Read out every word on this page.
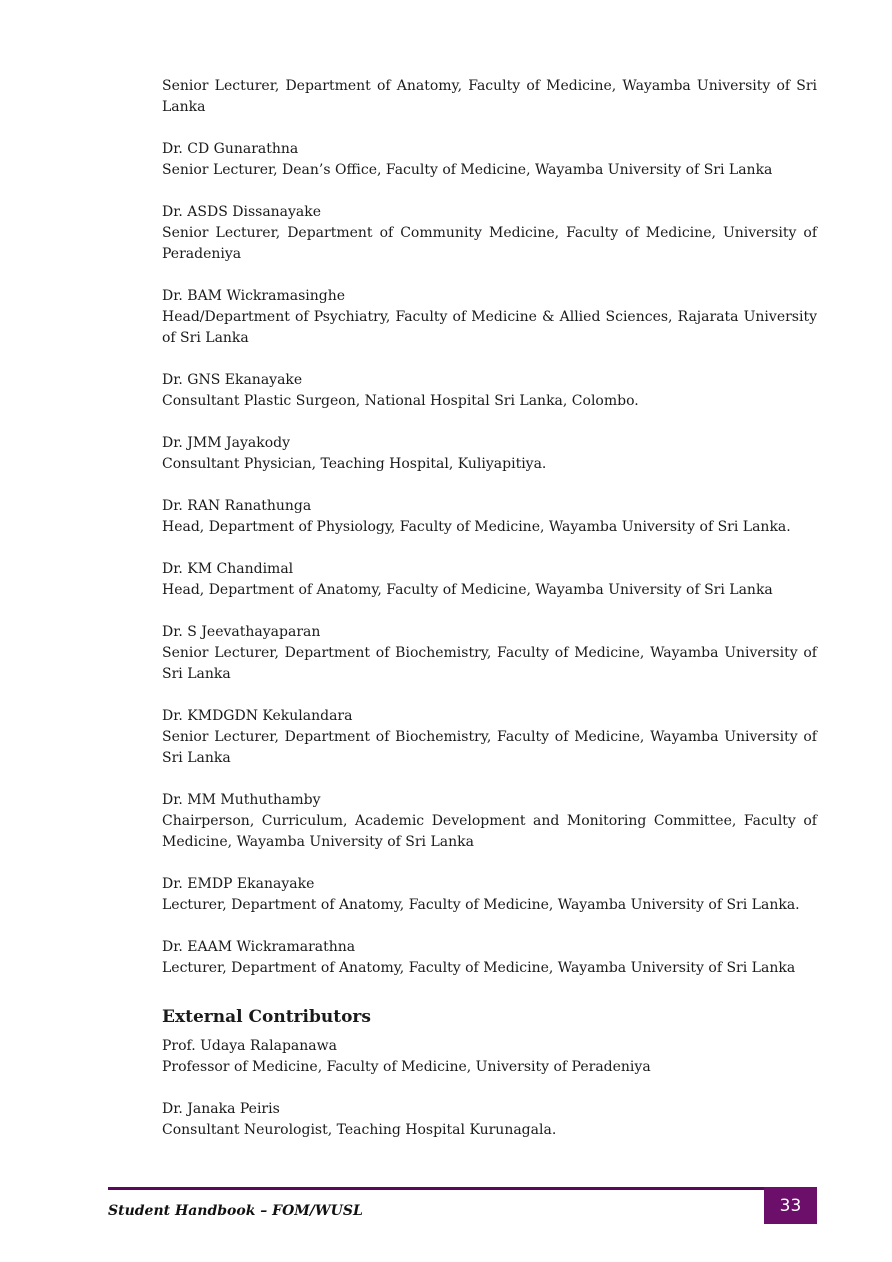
Senior Lecturer, Department of Anatomy, Faculty of Medicine, Wayamba University of Sri Lanka

Dr. CD Gunarathna

Senior Lecturer, Dean’s Office, Faculty of Medicine, Wayamba University of Sri Lanka

Dr. ASDS Dissanayake

Senior Lecturer, Department of Community Medicine, Faculty of Medicine, University of Peradeniya

Dr. BAM Wickramasinghe

Head/Department of Psychiatry, Faculty of Medicine & Allied Sciences, Rajarata University of Sri Lanka

Dr. GNS Ekanayake

Consultant Plastic Surgeon, National Hospital Sri Lanka, Colombo.

Dr. JMM Jayakody

Consultant Physician, Teaching Hospital, Kuliyapitiya.

Dr. RAN Ranathunga

Head, Department of Physiology, Faculty of Medicine, Wayamba University of Sri Lanka.

Dr. KM Chandimal

Head, Department of Anatomy, Faculty of Medicine, Wayamba University of Sri Lanka

Dr. S Jeevathayaparan

Senior Lecturer, Department of Biochemistry, Faculty of Medicine, Wayamba University of Sri Lanka

Dr. KMDGDN Kekulandara

Senior Lecturer, Department of Biochemistry, Faculty of Medicine, Wayamba University of Sri Lanka

Dr. MM Muthuthamby

Chairperson, Curriculum, Academic Development and Monitoring Committee, Faculty of Medicine, Wayamba University of Sri Lanka

Dr. EMDP Ekanayake

Lecturer, Department of Anatomy, Faculty of Medicine, Wayamba University of Sri Lanka.

Dr. EAAM Wickramarathna

Lecturer, Department of Anatomy, Faculty of Medicine, Wayamba University of Sri Lanka

External Contributors

Prof. Udaya Ralapanawa

Professor of Medicine, Faculty of Medicine, University of Peradeniya

Dr. Janaka Peiris

Consultant Neurologist, Teaching Hospital Kurunagala.

Student Handbook – FOM/WUSL	33
